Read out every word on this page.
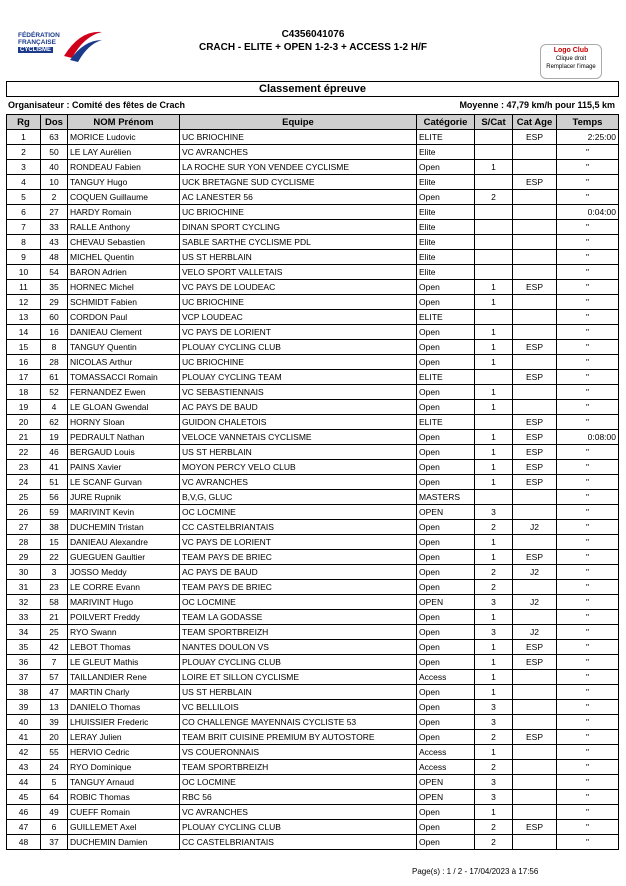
FÉDÉRATION
FRANÇAISE
CYCLISME
C4356041076
CRACH - ELITE + OPEN 1-2-3 + ACCESS 1-2 H/F	Logo Club
Clique droit
Remplacer l'image
Classement épreuve
Organisateur : Comité des fêtes de Crach	Moyenne : 47,79 km/h pour 115,5 km
Rg	Dos	NOM Prénom	Equipe	Catégorie	S/Cat	Cat Age	Temps
1	63	MORICE Ludovic	UC BRIOCHINE	ELITE		ESP	2:25:00
2	50	LE LAY Aurélien	VC AVRANCHES	Elite			"
3	40	RONDEAU Fabien	LA ROCHE SUR YON VENDEE CYCLISME	Open	1		"
4	10	TANGUY Hugo	UCK BRETAGNE SUD CYCLISME	Elite		ESP	"
5	2	COQUEN Guillaume	AC LANESTER 56	Open	2		"
6	27	HARDY Romain	UC BRIOCHINE	Elite			0:04:00
7	33	RALLE Anthony	DINAN SPORT CYCLING	Elite			"
8	43	CHEVAU Sebastien	SABLE SARTHE CYCLISME PDL	Elite			"
9	48	MICHEL Quentin	US ST HERBLAIN	Elite			"
10	54	BARON Adrien	VELO SPORT VALLETAIS	Elite			"
11	35	HORNEC Michel	VC PAYS DE LOUDEAC	Open	1	ESP	"
12	29	SCHMIDT Fabien	UC BRIOCHINE	Open	1		"
13	60	CORDON Paul	VCP LOUDEAC	ELITE			"
14	16	DANIEAU Clement	VC PAYS DE LORIENT	Open	1		"
15	8	TANGUY Quentin	PLOUAY CYCLING CLUB	Open	1	ESP	"
16	28	NICOLAS Arthur	UC BRIOCHINE	Open	1		"
17	61	TOMASSACCI Romain	PLOUAY CYCLING TEAM	ELITE		ESP	"
18	52	FERNANDEZ Ewen	VC SEBASTIENNAIS	Open	1		"
19	4	LE GLOAN Gwendal	AC PAYS DE BAUD	Open	1		"
20	62	HORNY Sloan	GUIDON CHALETOIS	ELITE		ESP	"
21	19	PEDRAULT Nathan	VELOCE VANNETAIS CYCLISME	Open	1	ESP	0:08:00
22	46	BERGAUD Louis	US ST HERBLAIN	Open	1	ESP	"
23	41	PAINS Xavier	MOYON PERCY VELO CLUB	Open	1	ESP	"
24	51	LE SCANF Gurvan	VC AVRANCHES	Open	1	ESP	"
25	56	JURE Rupnik	B,V,G, GLUC	MASTERS			"
26	59	MARIVINT Kevin	OC LOCMINE	OPEN	3		"
27	38	DUCHEMIN Tristan	CC CASTELBRIANTAIS	Open	2	J2	"
28	15	DANIEAU Alexandre	VC PAYS DE LORIENT	Open	1		"
29	22	GUEGUEN Gaultier	TEAM PAYS DE BRIEC	Open	1	ESP	"
30	3	JOSSO Meddy	AC PAYS DE BAUD	Open	2	J2	"
31	23	LE CORRE Evann	TEAM PAYS DE BRIEC	Open	2		"
32	58	MARIVINT Hugo	OC LOCMINE	OPEN	3	J2	"
33	21	POILVERT Freddy	TEAM LA GODASSE	Open	1		"
34	25	RYO Swann	TEAM SPORTBREIZH	Open	3	J2	"
35	42	LEBOT Thomas	NANTES DOULON VS	Open	1	ESP	"
36	7	LE GLEUT Mathis	PLOUAY CYCLING CLUB	Open	1	ESP	"
37	57	TAILLANDIER Rene	LOIRE ET SILLON CYCLISME	Access	1		"
38	47	MARTIN Charly	US ST HERBLAIN	Open	1		"
39	13	DANIELO Thomas	VC BELLILOIS	Open	3		"
40	39	LHUISSIER Frederic	CO CHALLENGE MAYENNAIS CYCLISTE 53	Open	3		"
41	20	LERAY Julien	TEAM BRIT CUISINE PREMIUM BY AUTOSTORE	Open	2	ESP	"
42	55	HERVIO Cedric	VS COUERONNAIS	Access	1		"
43	24	RYO Dominique	TEAM SPORTBREIZH	Access	2		"
44	5	TANGUY Arnaud	OC LOCMINE	OPEN	3		"
45	64	ROBIC Thomas	RBC 56	OPEN	3		"
46	49	CUEFF Romain	VC AVRANCHES	Open	1		"
47	6	GUILLEMET Axel	PLOUAY CYCLING CLUB	Open	2	ESP	"
48	37	DUCHEMIN Damien	CC CASTELBRIANTAIS	Open	2		"
Page(s) : 1 / 2 - 17/04/2023 à 17:56
